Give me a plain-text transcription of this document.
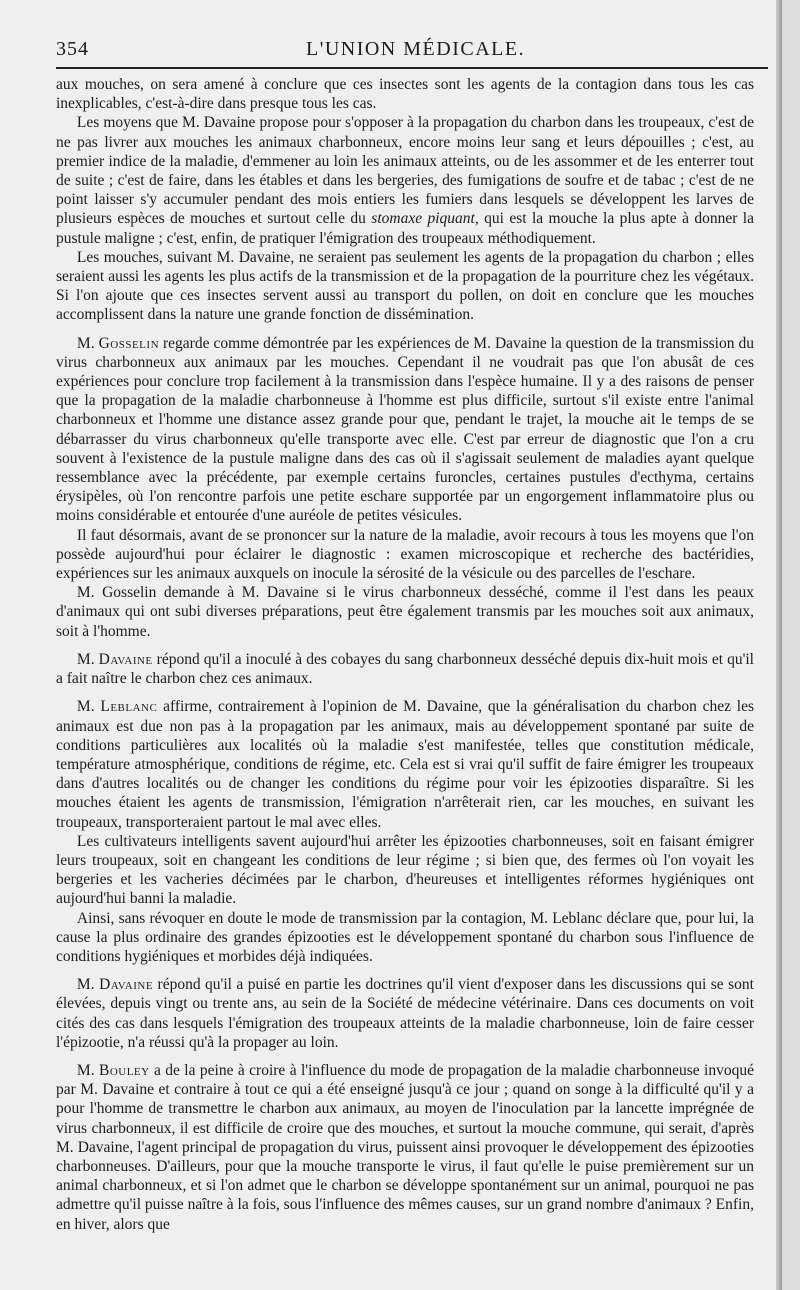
354	L'UNION MÉDICALE.

aux mouches, on sera amené à conclure que ces insectes sont les agents de la contagion dans tous les cas inexplicables, c'est-à-dire dans presque tous les cas.

Les moyens que M. Davaine propose pour s'opposer à la propagation du charbon dans les troupeaux, c'est de ne pas livrer aux mouches les animaux charbonneux, encore moins leur sang et leurs dépouilles ; c'est, au premier indice de la maladie, d'emmener au loin les animaux atteints, ou de les assommer et de les enterrer tout de suite ; c'est de faire, dans les étables et dans les bergeries, des fumigations de soufre et de tabac ; c'est de ne point laisser s'y accumuler pendant des mois entiers les fumiers dans lesquels se développent les larves de plusieurs espèces de mouches et surtout celle du stomaxe piquant, qui est la mouche la plus apte à donner la pustule maligne ; c'est, enfin, de pratiquer l'émigration des troupeaux méthodiquement.

Les mouches, suivant M. Davaine, ne seraient pas seulement les agents de la propagation du charbon ; elles seraient aussi les agents les plus actifs de la transmission et de la propagation de la pourriture chez les végétaux. Si l'on ajoute que ces insectes servent aussi au transport du pollen, on doit en conclure que les mouches accomplissent dans la nature une grande fonction de dissémination.

M. Gosselin regarde comme démontrée par les expériences de M. Davaine la question de la transmission du virus charbonneux aux animaux par les mouches. Cependant il ne voudrait pas que l'on abusât de ces expériences pour conclure trop facilement à la transmission dans l'espèce humaine. Il y a des raisons de penser que la propagation de la maladie charbonneuse à l'homme est plus difficile, surtout s'il existe entre l'animal charbonneux et l'homme une distance assez grande pour que, pendant le trajet, la mouche ait le temps de se débarrasser du virus charbonneux qu'elle transporte avec elle. C'est par erreur de diagnostic que l'on a cru souvent à l'existence de la pustule maligne dans des cas où il s'agissait seulement de maladies ayant quelque ressemblance avec la précédente, par exemple certains furoncles, certaines pustules d'ecthyma, certains érysipèles, où l'on rencontre parfois une petite eschare supportée par un engorgement inflammatoire plus ou moins considérable et entourée d'une auréole de petites vésicules.

Il faut désormais, avant de se prononcer sur la nature de la maladie, avoir recours à tous les moyens que l'on possède aujourd'hui pour éclairer le diagnostic : examen microscopique et recherche des bactéridies, expériences sur les animaux auxquels on inocule la sérosité de la vésicule ou des parcelles de l'eschare.

M. Gosselin demande à M. Davaine si le virus charbonneux desséché, comme il l'est dans les peaux d'animaux qui ont subi diverses préparations, peut être également transmis par les mouches soit aux animaux, soit à l'homme.

M. Davaine répond qu'il a inoculé à des cobayes du sang charbonneux desséché depuis dix-huit mois et qu'il a fait naître le charbon chez ces animaux.

M. Leblanc affirme, contrairement à l'opinion de M. Davaine, que la généralisation du charbon chez les animaux est due non pas à la propagation par les animaux, mais au développement spontané par suite de conditions particulières aux localités où la maladie s'est manifestée, telles que constitution médicale, température atmosphérique, conditions de régime, etc. Cela est si vrai qu'il suffit de faire émigrer les troupeaux dans d'autres localités ou de changer les conditions du régime pour voir les épizooties disparaître. Si les mouches étaient les agents de transmission, l'émigration n'arrêterait rien, car les mouches, en suivant les troupeaux, transporteraient partout le mal avec elles.

Les cultivateurs intelligents savent aujourd'hui arrêter les épizooties charbonneuses, soit en faisant émigrer leurs troupeaux, soit en changeant les conditions de leur régime ; si bien que, des fermes où l'on voyait les bergeries et les vacheries décimées par le charbon, d'heureuses et intelligentes réformes hygiéniques ont aujourd'hui banni la maladie.

Ainsi, sans révoquer en doute le mode de transmission par la contagion, M. Leblanc déclare que, pour lui, la cause la plus ordinaire des grandes épizooties est le développement spontané du charbon sous l'influence de conditions hygiéniques et morbides déjà indiquées.

M. Davaine répond qu'il a puisé en partie les doctrines qu'il vient d'exposer dans les discussions qui se sont élevées, depuis vingt ou trente ans, au sein de la Société de médecine vétérinaire. Dans ces documents on voit cités des cas dans lesquels l'émigration des troupeaux atteints de la maladie charbonneuse, loin de faire cesser l'épizootie, n'a réussi qu'à la propager au loin.

M. Bouley a de la peine à croire à l'influence du mode de propagation de la maladie charbonneuse invoqué par M. Davaine et contraire à tout ce qui a été enseigné jusqu'à ce jour ; quand on songe à la difficulté qu'il y a pour l'homme de transmettre le charbon aux animaux, au moyen de l'inoculation par la lancette imprégnée de virus charbonneux, il est difficile de croire que des mouches, et surtout la mouche commune, qui serait, d'après M. Davaine, l'agent principal de propagation du virus, puissent ainsi provoquer le développement des épizooties charbonneuses. D'ailleurs, pour que la mouche transporte le virus, il faut qu'elle le puise premièrement sur un animal charbonneux, et si l'on admet que le charbon se développe spontanément sur un animal, pourquoi ne pas admettre qu'il puisse naître à la fois, sous l'influence des mêmes causes, sur un grand nombre d'animaux ? Enfin, en hiver, alors que
